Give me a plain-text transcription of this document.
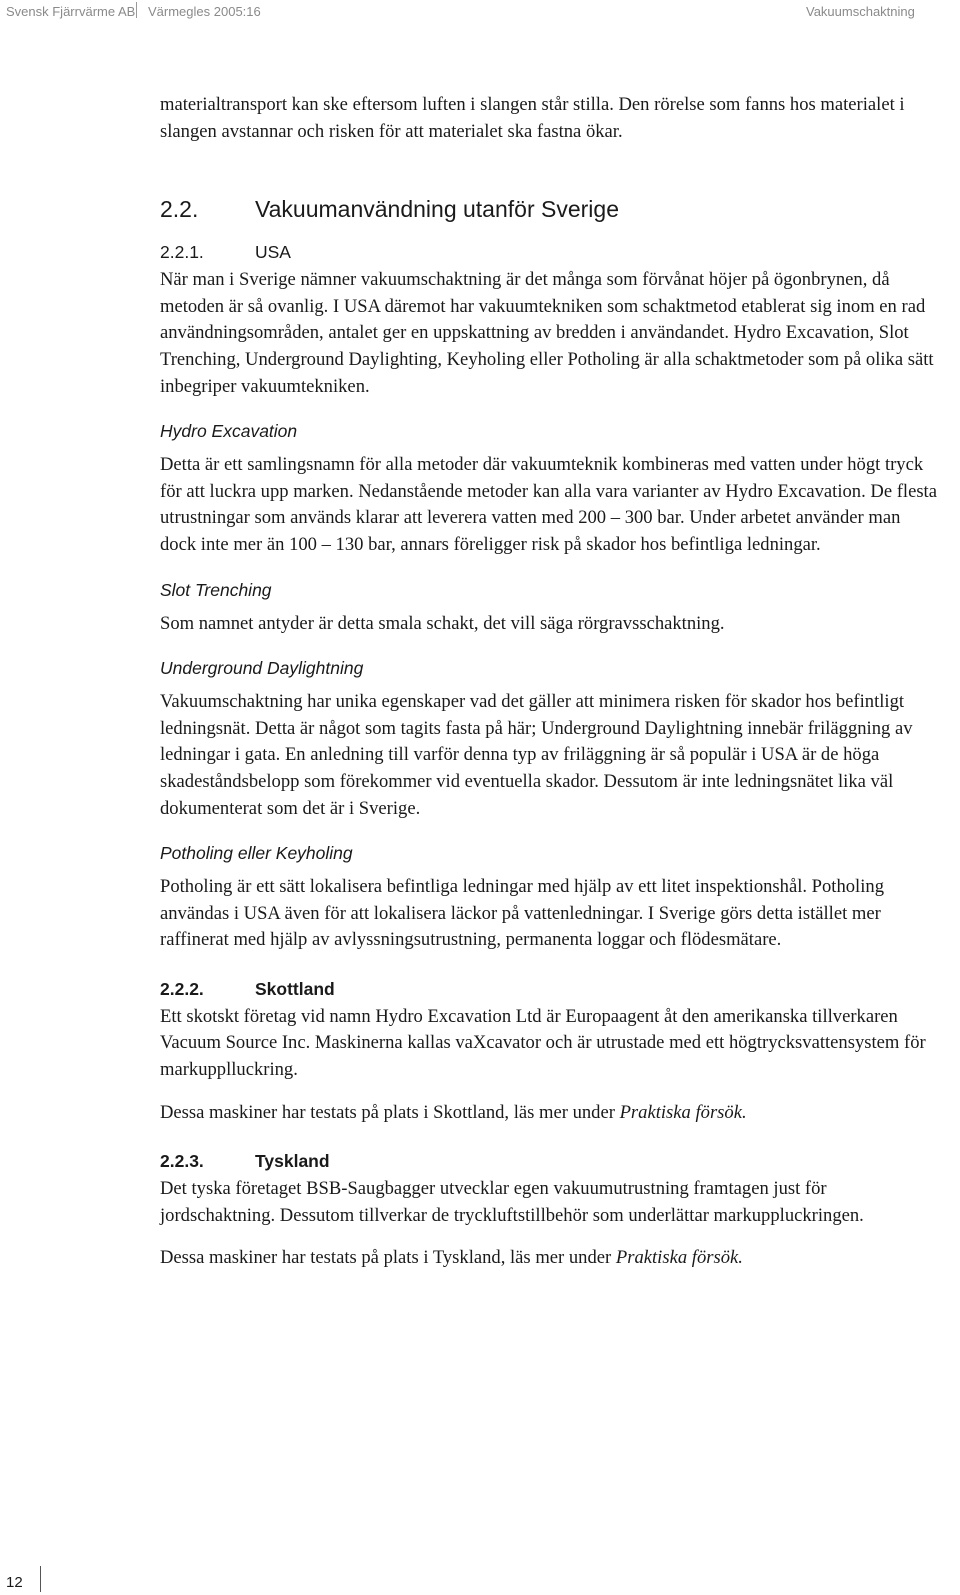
Svensk Fjärrvärme AB Värmegles 2005:16	Vakuumschaktning

materialtransport kan ske eftersom luften i slangen står stilla. Den rörelse som fanns hos materialet i slangen avstannar och risken för att materialet ska fastna ökar.

2.2.	Vakuumanvändning utanför Sverige
2.2.1.	USA

När man i Sverige nämner vakuumschaktning är det många som förvånat höjer på ögonbrynen, då metoden är så ovanlig. I USA däremot har vakuumtekniken som schaktmetod etablerat sig inom en rad användningsområden, antalet ger en uppskattning av bredden i användandet. Hydro Excavation, Slot Trenching, Underground Daylighting, Keyholing eller Potholing är alla schaktmetoder som på olika sätt inbegriper vakuumtekniken.

Hydro Excavation

Detta är ett samlingsnamn för alla metoder där vakuumteknik kombineras med vatten under högt tryck för att luckra upp marken. Nedanstående metoder kan alla vara varianter av Hydro Excavation. De flesta utrustningar som används klarar att leverera vatten med 200 – 300 bar. Under arbetet använder man dock inte mer än 100 – 130 bar, annars föreligger risk på skador hos befintliga ledningar.

Slot Trenching

Som namnet antyder är detta smala schakt, det vill säga rörgravsschaktning.

Underground Daylightning

Vakuumschaktning har unika egenskaper vad det gäller att minimera risken för skador hos befintligt ledningsnät. Detta är något som tagits fasta på här; Underground Daylightning innebär friläggning av ledningar i gata. En anledning till varför denna typ av friläggning är så populär i USA är de höga skadeståndsbelopp som förekommer vid eventuella skador. Dessutom är inte ledningsnätet lika väl dokumenterat som det är i Sverige.

Potholing eller Keyholing

Potholing är ett sätt lokalisera befintliga ledningar med hjälp av ett litet inspektionshål. Potholing användas i USA även för att lokalisera läckor på vattenledningar. I Sverige görs detta istället mer raffinerat med hjälp av avlyssningsutrustning, permanenta loggar och flödesmätare.

2.2.2.	Skottland

Ett skotskt företag vid namn Hydro Excavation Ltd är Europaagent åt den amerikanska tillverkaren Vacuum Source Inc. Maskinerna kallas vaXcavator och är utrustade med ett högtrycksvattensystem för markupplluckring.

Dessa maskiner har testats på plats i Skottland, läs mer under Praktiska försök.

2.2.3.	Tyskland

Det tyska företaget BSB-Saugbagger utvecklar egen vakuumutrustning framtagen just för jordschaktning. Dessutom tillverkar de tryckluftstillbehör som underlättar markuppluckringen.

Dessa maskiner har testats på plats i Tyskland, läs mer under Praktiska försök.

12
